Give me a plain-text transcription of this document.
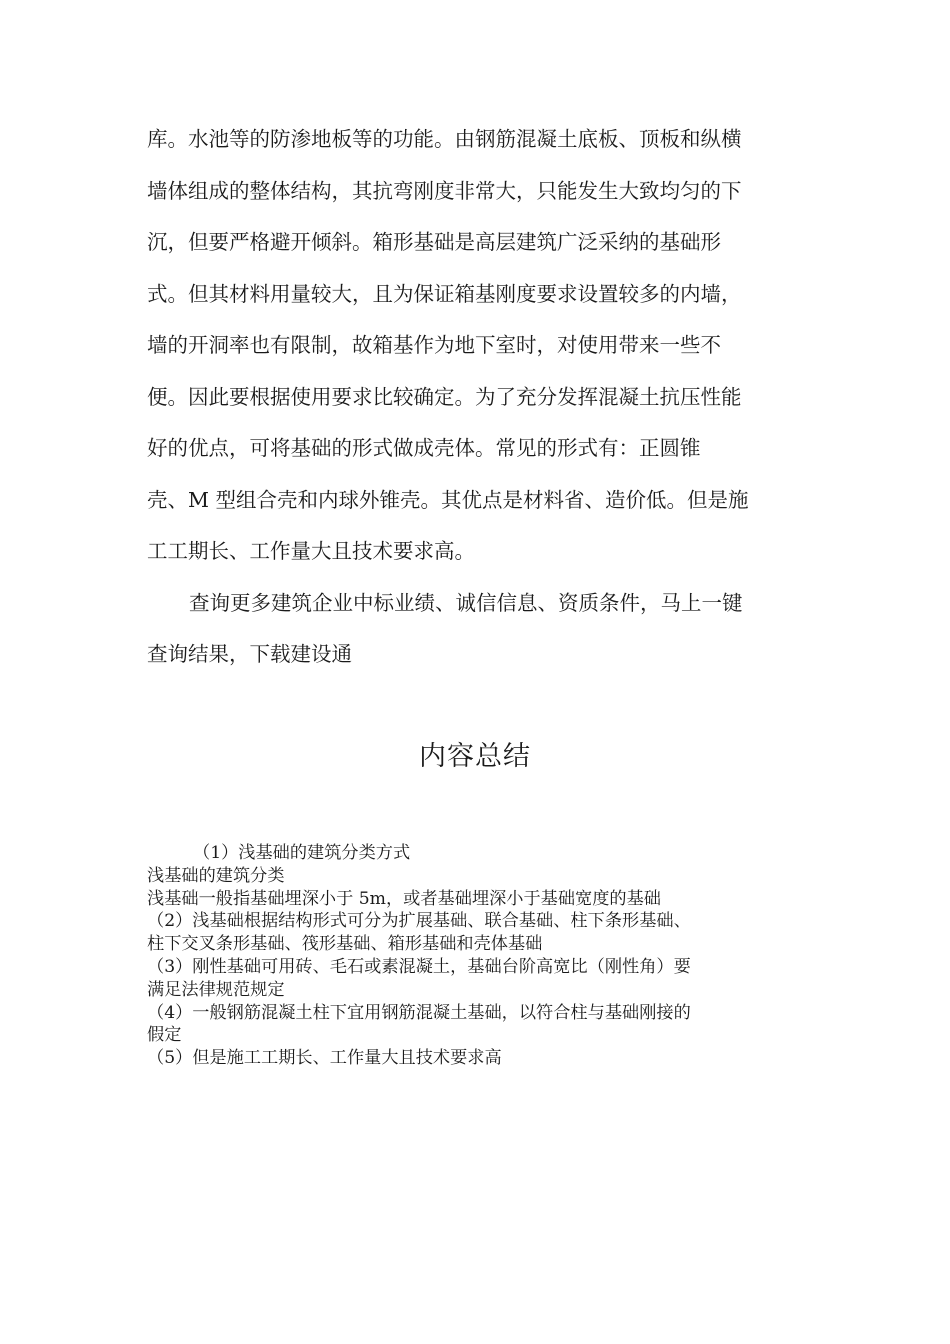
库。水池等的防渗地板等的功能。由钢筋混凝土底板、顶板和纵横
墙体组成的整体结构，其抗弯刚度非常大，只能发生大致均匀的下
沉，但要严格避开倾斜。箱形基础是高层建筑广泛采纳的基础形
式。但其材料用量较大，且为保证箱基刚度要求设置较多的内墙，
墙的开洞率也有限制，故箱基作为地下室时，对使用带来一些不
便。因此要根据使用要求比较确定。为了充分发挥混凝土抗压性能
好的优点，可将基础的形式做成壳体。常见的形式有：正圆锥
壳、M 型组合壳和内球外锥壳。其优点是材料省、造价低。但是施
工工期长、工作量大且技术要求高。
查询更多建筑企业中标业绩、诚信信息、资质条件，马上一键
查询结果，下载建设通
内容总结
（1）浅基础的建筑分类方式
浅基础的建筑分类
浅基础一般指基础埋深小于 5m，或者基础埋深小于基础宽度的基础
（2）浅基础根据结构形式可分为扩展基础、联合基础、柱下条形基础、
柱下交叉条形基础、筏形基础、箱形基础和壳体基础
（3）刚性基础可用砖、毛石或素混凝土，基础台阶高宽比（刚性角）要
满足法律规范规定
（4）一般钢筋混凝土柱下宜用钢筋混凝土基础，以符合柱与基础刚接的
假定
（5）但是施工工期长、工作量大且技术要求高
